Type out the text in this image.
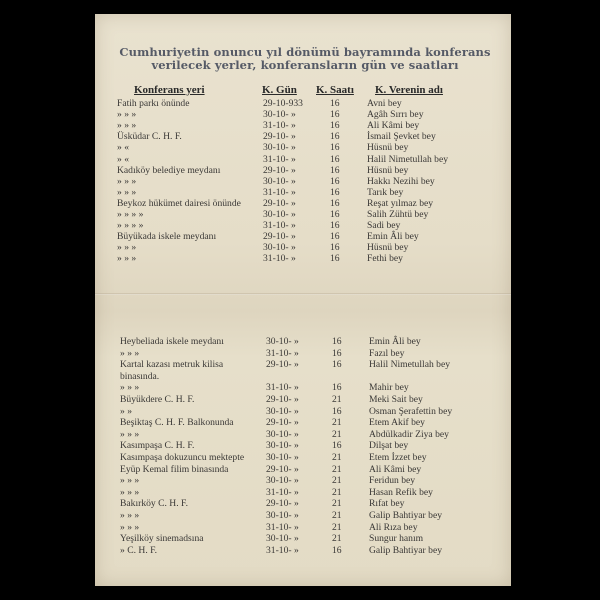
Cumhuriyetin onuncu yıl dönümü bayramında konferans
verilecek yerler, konferansların gün ve saatları
Konferans yeri	K. Gün K. Saatı K. Verenin adı
Fatih parkı önünde	29-10-933	16	Avni bey
» » »	30-10- »	16	Agâh Sırrı bey
» » »	31-10- »	16	Ali Kâmi bey
Üsküdar C. H. F.	29-10- »	16	İsmail Şevket bey
» «	30-10- »	16	Hüsnü bey
» «	31-10- »	16	Halil Nimetullah bey
Kadıköy belediye meydanı	29-10- »	16	Hüsnü bey
» » »	30-10- »	16	Hakkı Nezihi bey
» » »	31-10- »	16	Tarık bey
Beykoz hükümet dairesi önünde 29-10- »	16	Reşat yılmaz bey
» » » »	30-10- »	16	Salih Zühtü bey
» » » »	31-10- »	16	Sadi bey
Büyükada iskele meydanı	29-10- »	16	Emin Âli bey
» » »	30-10- »	16	Hüsnü bey
» » »	31-10- »	16	Fethi bey
Heybeliada iskele meydanı	30-10- »	16	Emin Âli bey
» » »	31-10- »	16	Fazıl bey
Kartal kazası metruk kilisa	29-10- »	16	Halil Nimetullah bey
binasında.
» » »	31-10- »	16	Mahir bey
Büyükdere C. H. F.	29-10- »	21	Meki Sait bey
» »	30-10- »	16	Osman Şerafettin bey
Beşiktaş C. H. F. Balkonunda	29-10- »	21	Etem Akif bey
» » »	30-10- »	21	Abdülkadir Ziya bey
Kasımpaşa C. H. F.	30-10- »	16	Dilşat bey
Kasımpaşa dokuzuncu mektepte 30-10- »	21	Etem İzzet bey
Eyüp Kemal filim binasında	29-10- »	21	Ali Kâmi bey
» » »	30-10- »	21	Feridun bey
» » »	31-10- »	21	Hasan Refik bey
Bakırköy C. H. F.	29-10- »	21	Rıfat bey
» » »	30-10- »	21	Galip Bahtiyar bey
» » »	31-10- »	21	Ali Rıza bey
Yeşilköy sinemadsına	30-10- »	21	Sungur hanım
» C. H. F.	31-10- »	16	Galip Bahtiyar bey
